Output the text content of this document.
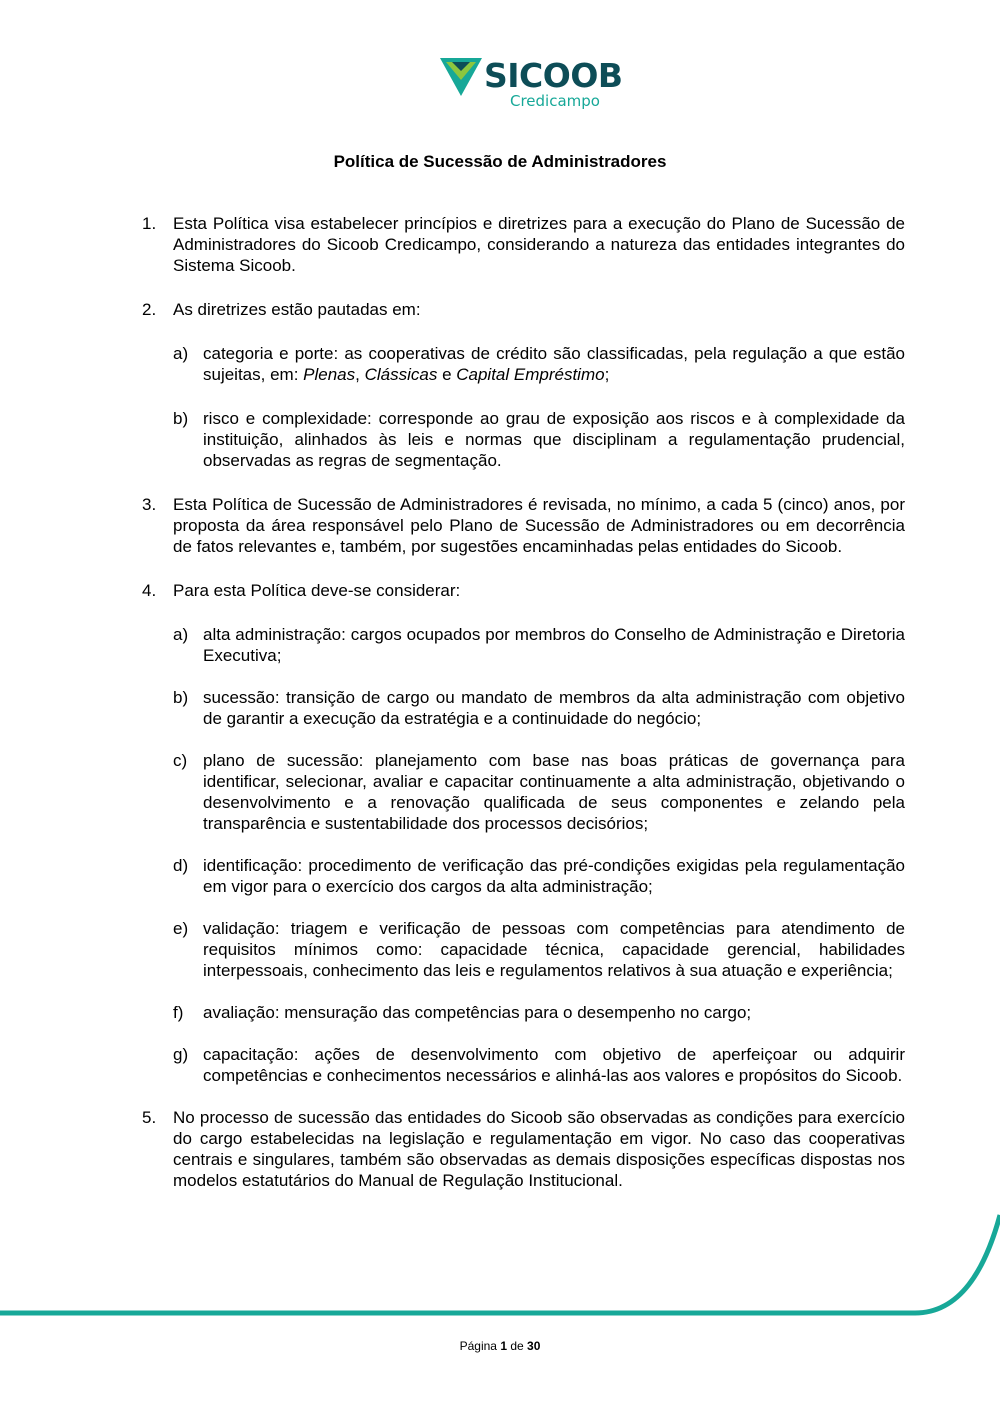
SICOOB
Credicampo
Política de Sucessão de Administradores
1. Esta Política visa estabelecer princípios e diretrizes para a execução do Plano de Sucessão de Administradores do Sicoob Credicampo, considerando a natureza das entidades integrantes do Sistema Sicoob.
2. As diretrizes estão pautadas em:
a) categoria e porte: as cooperativas de crédito são classificadas, pela regulação a que estão sujeitas, em: Plenas, Clássicas e Capital Empréstimo;
b) risco e complexidade: corresponde ao grau de exposição aos riscos e à complexidade da instituição, alinhados às leis e normas que disciplinam a regulamentação prudencial, observadas as regras de segmentação.
3. Esta Política de Sucessão de Administradores é revisada, no mínimo, a cada 5 (cinco) anos, por proposta da área responsável pelo Plano de Sucessão de Administradores ou em decorrência de fatos relevantes e, também, por sugestões encaminhadas pelas entidades do Sicoob.
4. Para esta Política deve-se considerar:
a) alta administração: cargos ocupados por membros do Conselho de Administração e Diretoria Executiva;
b) sucessão: transição de cargo ou mandato de membros da alta administração com objetivo de garantir a execução da estratégia e a continuidade do negócio;
c) plano de sucessão: planejamento com base nas boas práticas de governança para identificar, selecionar, avaliar e capacitar continuamente a alta administração, objetivando o desenvolvimento e a renovação qualificada de seus componentes e zelando pela transparência e sustentabilidade dos processos decisórios;
d) identificação: procedimento de verificação das pré-condições exigidas pela regulamentação em vigor para o exercício dos cargos da alta administração;
e) validação: triagem e verificação de pessoas com competências para atendimento de requisitos mínimos como: capacidade técnica, capacidade gerencial, habilidades interpessoais, conhecimento das leis e regulamentos relativos à sua atuação e experiência;
f) avaliação: mensuração das competências para o desempenho no cargo;
g) capacitação: ações de desenvolvimento com objetivo de aperfeiçoar ou adquirir competências e conhecimentos necessários e alinhá-las aos valores e propósitos do Sicoob.
5. No processo de sucessão das entidades do Sicoob são observadas as condições para exercício do cargo estabelecidas na legislação e regulamentação em vigor. No caso das cooperativas centrais e singulares, também são observadas as demais disposições específicas dispostas nos modelos estatutários do Manual de Regulação Institucional.
Página 1 de 30
